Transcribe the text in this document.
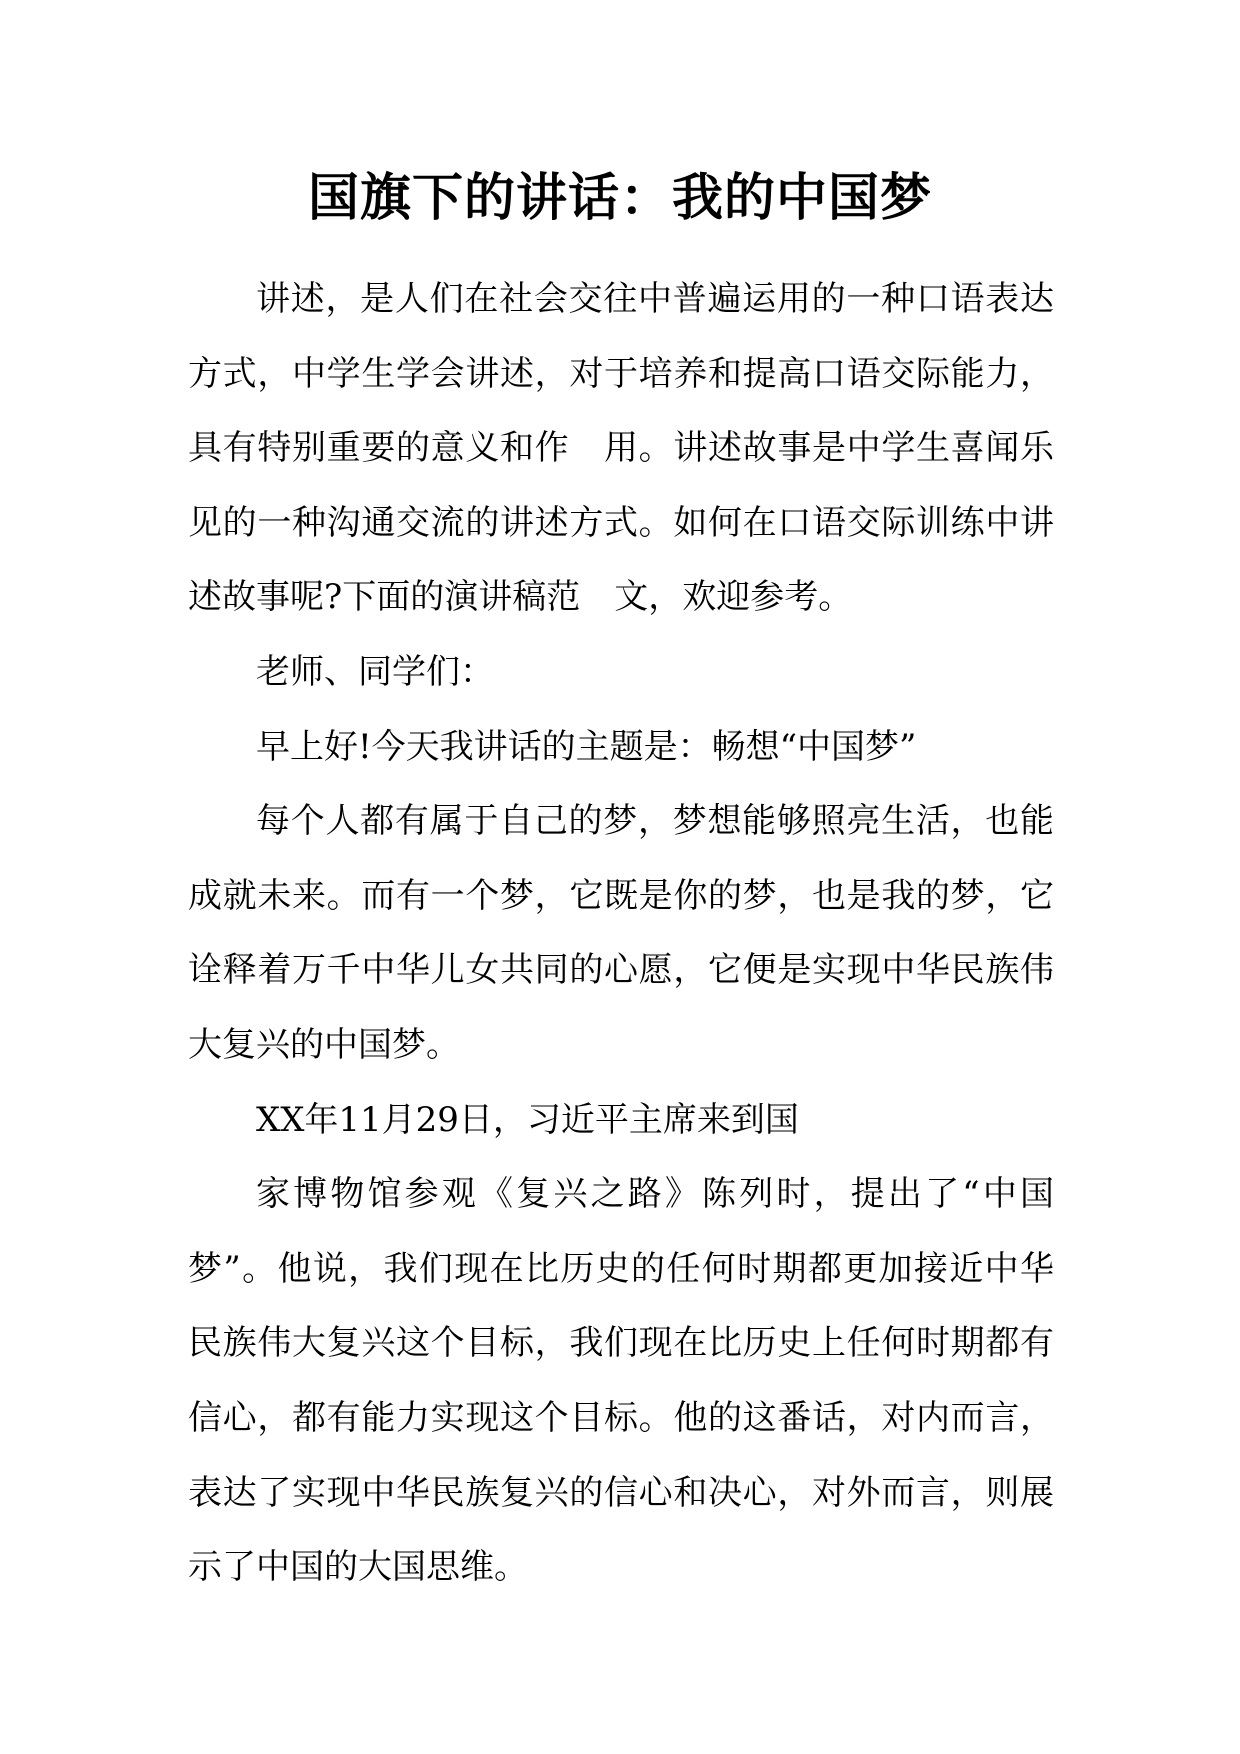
国旗下的讲话：我的中国梦

讲述，是人们在社会交往中普遍运用的一种口语表达方式，中学生学会讲述，对于培养和提高口语交际能力，具有特别重要的意义和作　用。讲述故事是中学生喜闻乐见的一种沟通交流的讲述方式。如何在口语交际训练中讲述故事呢?下面的演讲稿范　文，欢迎参考。

老师、同学们：

早上好!今天我讲话的主题是：畅想“中国梦”

每个人都有属于自己的梦，梦想能够照亮生活，也能成就未来。而有一个梦，它既是你的梦，也是我的梦，它诠释着万千中华儿女共同的心愿，它便是实现中华民族伟大复兴的中国梦。

XX年11月29日，习近平主席来到国

家博物馆参观《复兴之路》陈列时，提出了“中国梦”。他说，我们现在比历史的任何时期都更加接近中华民族伟大复兴这个目标，我们现在比历史上任何时期都有信心，都有能力实现这个目标。他的这番话，对内而言，表达了实现中华民族复兴的信心和决心，对外而言，则展示了中国的大国思维。
